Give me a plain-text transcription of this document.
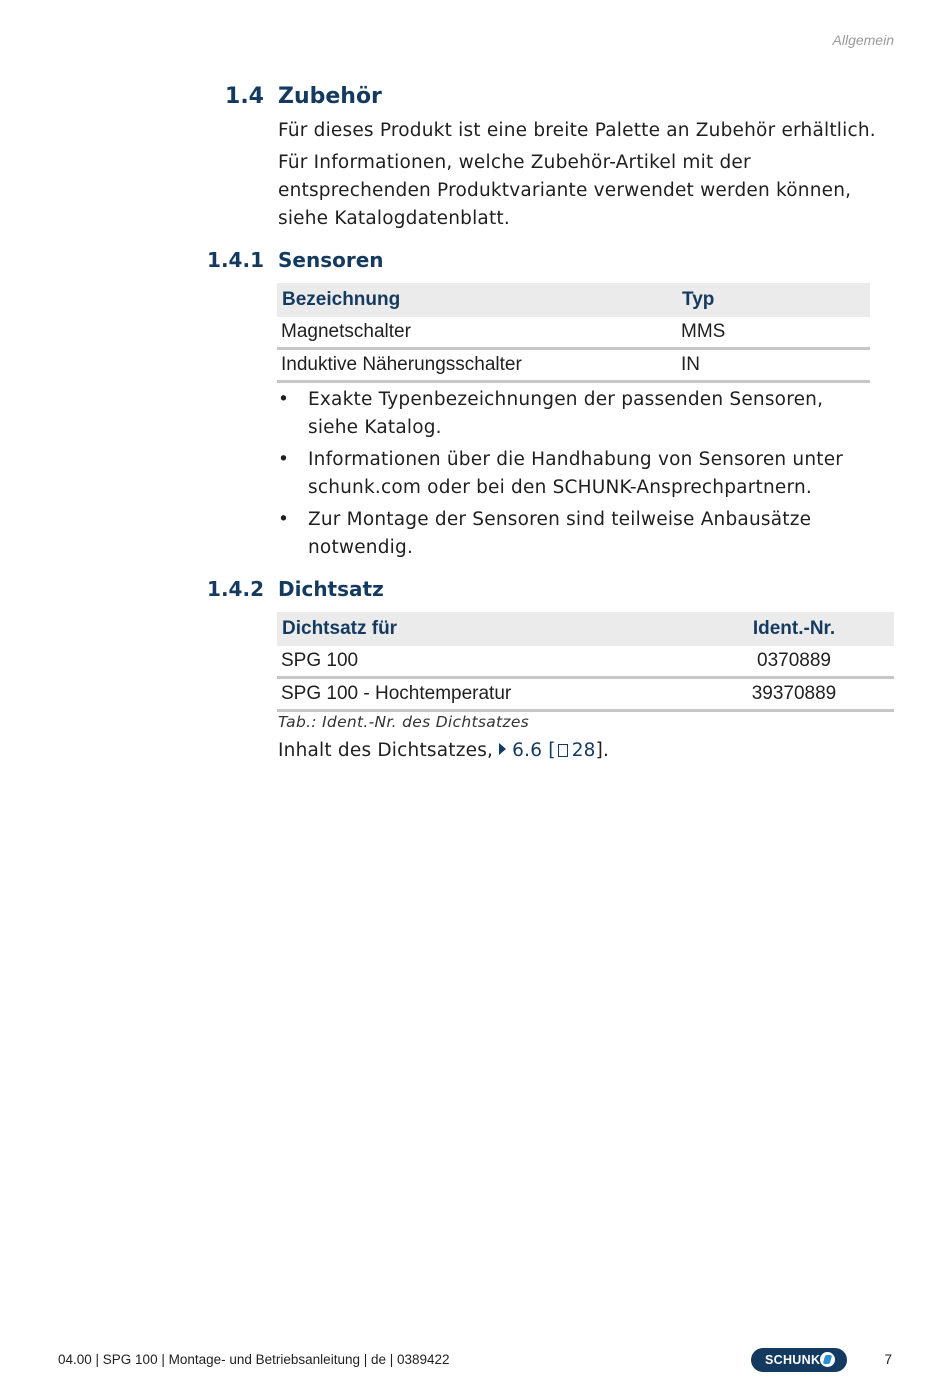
Allgemein
1.4 Zubehör
Für dieses Produkt ist eine breite Palette an Zubehör erhältlich.
Für Informationen, welche Zubehör-Artikel mit der entsprechenden Produktvariante verwendet werden können, siehe Katalogdatenblatt.
1.4.1 Sensoren
Bezeichnung	Typ
Magnetschalter	MMS
Induktive Näherungsschalter	IN
• Exakte Typenbezeichnungen der passenden Sensoren, siehe Katalog.
• Informationen über die Handhabung von Sensoren unter schunk.com oder bei den SCHUNK-Ansprechpartnern.
• Zur Montage der Sensoren sind teilweise Anbausätze notwendig.
1.4.2 Dichtsatz
Dichtsatz für	Ident.-Nr.
SPG 100	0370889
SPG 100 - Hochtemperatur	39370889
Tab.: Ident.-Nr. des Dichtsatzes
Inhalt des Dichtsatzes, 6.6 [ 28].
04.00 | SPG 100 | Montage- und Betriebsanleitung | de | 0389422	SCHUNK	7
